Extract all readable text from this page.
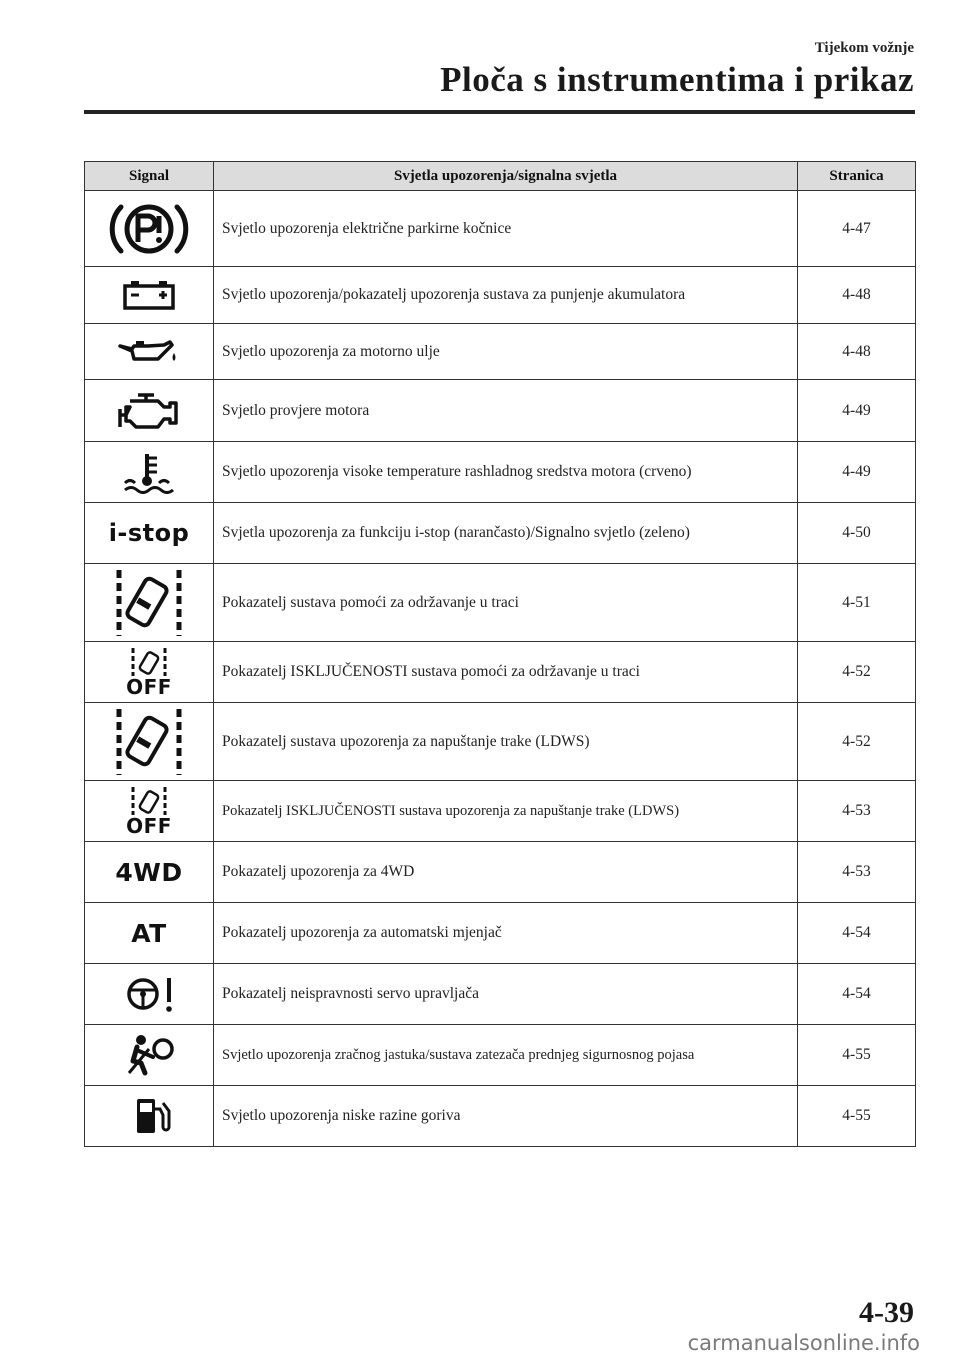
Tijekom vožnje
Ploča s instrumentima i prikaz
Signal	Svjetla upozorenja/signalna svjetla	Stranica

	Svjetlo upozorenja električne parkirne kočnice	4-47

	Svjetlo upozorenja/pokazatelj upozorenja sustava za punjenje akumulatora	4-48

	Svjetlo upozorenja za motorno ulje	4-48

	Svjetlo provjere motora	4-49

	Svjetlo upozorenja visoke temperature rashladnog sredstva motora (crveno)	4-49
i-stop	Svjetla upozorenja za funkciju i-stop (narančasto)/Signalno svjetlo (zeleno)	4-50

	Pokazatelj sustava pomoći za održavanje u traci	4-51

OFF	Pokazatelj ISKLJUČENOSTI sustava pomoći za održavanje u traci	4-52

	Pokazatelj sustava upozorenja za napuštanje trake (LDWS)	4-52

OFF	Pokazatelj ISKLJUČENOSTI sustava upozorenja za napuštanje trake (LDWS)	4-53
4WD	Pokazatelj upozorenja za 4WD	4-53
AT	Pokazatelj upozorenja za automatski mjenjač	4-54

	Pokazatelj neispravnosti servo upravljača	4-54

	Svjetlo upozorenja zračnog jastuka/sustava zatezača prednjeg sigurnosnog pojasa	4-55

	Svjetlo upozorenja niske razine goriva	4-55
4-39
carmanualsonline.info
